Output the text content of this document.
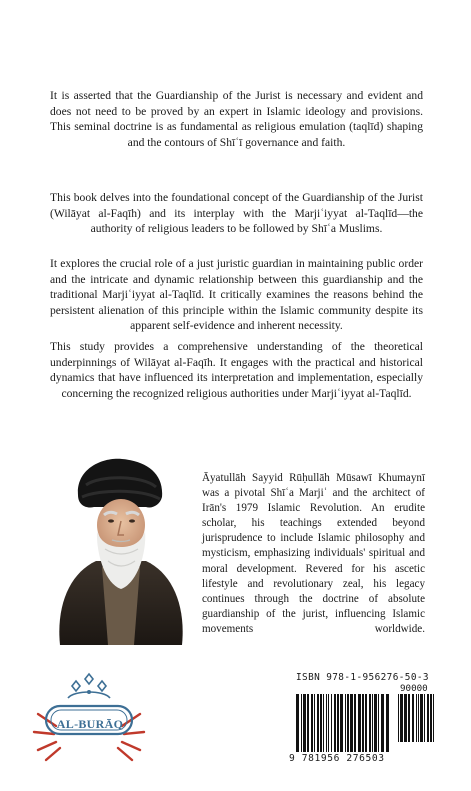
It is asserted that the Guardianship of the Jurist is necessary and evident and does not need to be proved by an expert in Islamic ideology and provisions. This seminal doctrine is as fundamental as religious emulation (taqlīd) shaping and the contours of Shīʿī governance and faith.

This book delves into the foundational concept of the Guardianship of the Jurist (Wilāyat al-Faqīh) and its interplay with the Marjiʿiyyat al-Taqlīd—the authority of religious leaders to be followed by Shīʿa Muslims.

It explores the crucial role of a just juristic guardian in maintaining public order and the intricate and dynamic relationship between this guardianship and the traditional Marjiʿiyyat al-Taqlīd. It critically examines the reasons behind the persistent alienation of this principle within the Islamic community despite its apparent self-evidence and inherent necessity.

This study provides a comprehensive understanding of the theoretical underpinnings of Wilāyat al-Faqīh. It engages with the practical and historical dynamics that have influenced its interpretation and implementation, especially concerning the recognized religious authorities under Marjiʿiyyat al-Taqlīd.

Āyatullāh Sayyid Rūḥullāh Mūsawī Khumaynī was a pivotal Shīʿa Marjiʿ and the architect of Irān's 1979 Islamic Revolution. An erudite scholar, his teachings extended beyond jurisprudence to include Islamic philosophy and mysticism, emphasizing individuals' spiritual and moral development. Revered for his ascetic lifestyle and revolutionary zeal, his legacy continues through the doctrine of absolute guardianship of the jurist, influencing Islamic movements worldwide.

AL-BURĀQ
ISBN 978-1-956276-50-3
90000
9 781956 276503
